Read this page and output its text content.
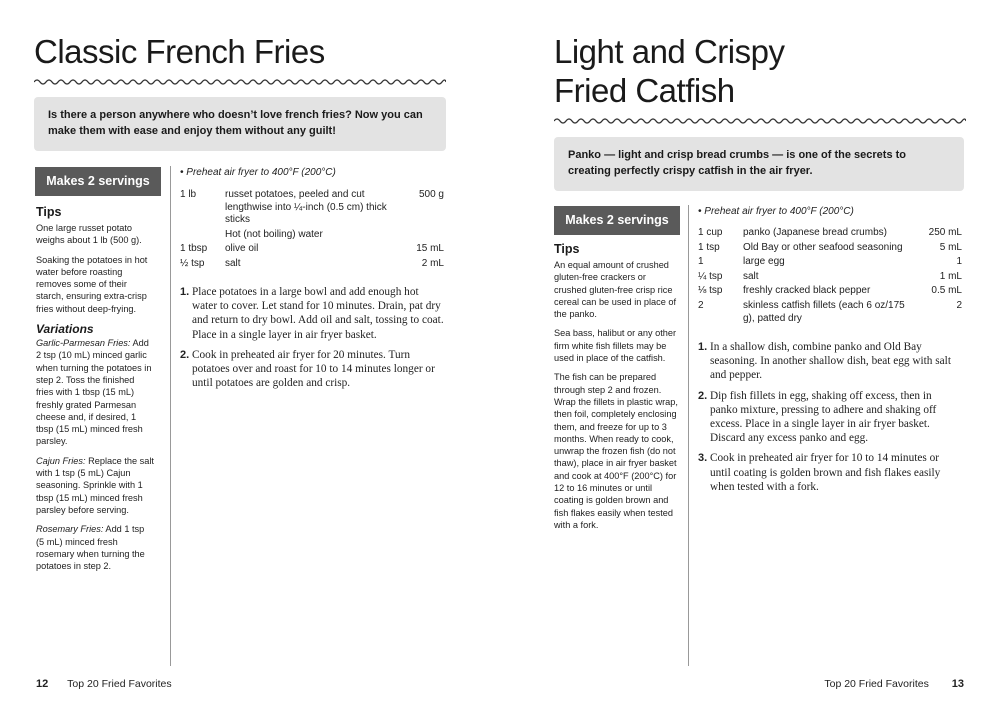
Classic French Fries
Is there a person anywhere who doesn’t love french fries? Now you can make them with ease and enjoy them without any guilt!
Makes 2 servings
Tips

One large russet potato weighs about 1 lb (500 g).

Soaking the potatoes in hot water before roasting removes some of their starch, ensuring extra-crisp fries without deep-frying.

Variations

Garlic-Parmesan Fries: Add 2 tsp (10 mL) minced garlic when turning the potatoes in step 2. Toss the finished fries with 1 tbsp (15 mL) freshly grated Parmesan cheese and, if desired, 1 tbsp (15 mL) minced fresh parsley.

Cajun Fries: Replace the salt with 1 tsp (5 mL) Cajun seasoning. Sprinkle with 1 tbsp (15 mL) minced fresh parsley before serving.

Rosemary Fries: Add 1 tsp (5 mL) minced fresh rosemary when turning the potatoes in step 2.

• Preheat air fryer to 400°F (200°C)
1 lb	russet potatoes, peeled and cut lengthwise into ¼-inch (0.5 cm) thick sticks	500 g
	Hot (not boiling) water	
1 tbsp	olive oil	15 mL
½ tsp	salt	2 mL
1. Place potatoes in a large bowl and add enough hot water to cover. Let stand for 10 minutes. Drain, pat dry and return to dry bowl. Add oil and salt, tossing to coat. Place in a single layer in air fryer basket.
2. Cook in preheated air fryer for 20 minutes. Turn potatoes over and roast for 10 to 14 minutes longer or until potatoes are golden and crisp.
12 Top 20 Fried Favorites
Light and Crispy
Fried Catfish
Panko — light and crisp bread crumbs — is one of the secrets to creating perfectly crispy catfish in the air fryer.
Makes 2 servings
Tips

An equal amount of crushed gluten-free crackers or crushed gluten-free crisp rice cereal can be used in place of the panko.

Sea bass, halibut or any other firm white fish fillets may be used in place of the catfish.

The fish can be prepared through step 2 and frozen. Wrap the fillets in plastic wrap, then foil, completely enclosing them, and freeze for up to 3 months. When ready to cook, unwrap the frozen fish (do not thaw), place in air fryer basket and cook at 400°F (200°C) for 12 to 16 minutes or until coating is golden brown and fish flakes easily when tested with a fork.

• Preheat air fryer to 400°F (200°C)
1 cup	panko (Japanese bread crumbs)	250 mL
1 tsp	Old Bay or other seafood seasoning	5 mL
1	large egg	1
¼ tsp	salt	1 mL
⅛ tsp	freshly cracked black pepper	0.5 mL
2	skinless catfish fillets (each 6 oz/175 g), patted dry	2
1. In a shallow dish, combine panko and Old Bay seasoning. In another shallow dish, beat egg with salt and pepper.
2. Dip fish fillets in egg, shaking off excess, then in panko mixture, pressing to adhere and shaking off excess. Place in a single layer in air fryer basket. Discard any excess panko and egg.
3. Cook in preheated air fryer for 10 to 14 minutes or until coating is golden brown and fish flakes easily when tested with a fork.
Top 20 Fried Favorites 13
